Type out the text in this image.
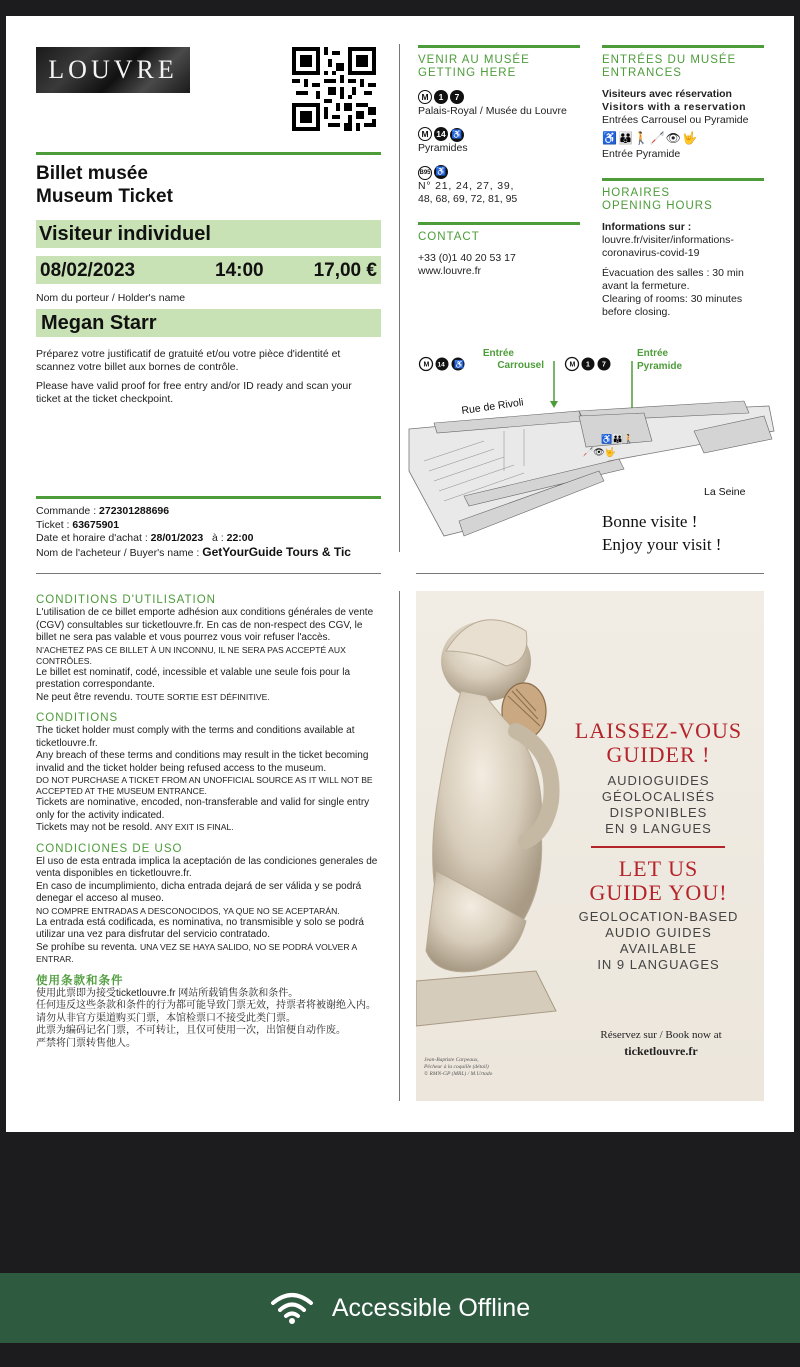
LOUVRE
Billet musée
Museum Ticket
Visiteur individuel
08/02/2023	14:00	17,00 €
Nom du porteur / Holder's name
Megan Starr
Préparez votre justificatif de gratuité et/ou votre pièce d'identité et scannez votre billet aux bornes de contrôle.
Please have valid proof for free entry and/or ID ready and scan your ticket at the ticket checkpoint.
Commande : 272301288696
Ticket : 63675901
Date et horaire d'achat : 28/01/2023 à : 22:00
Nom de l'acheteur / Buyer's name : GetYourGuide Tours & Tic
VENIR AU MUSÉE
GETTING HERE
M 1 7
Palais-Royal / Musée du Louvre
M 14 ♿
Pyramides
B95 ♿
N° 21, 24, 27, 39,
48, 68, 69, 72, 81, 95
CONTACT
+33 (0)1 40 20 53 17
www.louvre.fr
ENTRÉES DU MUSÉE
ENTRANCES
Visiteurs avec réservation
Visitors with a reservation
Entrées Carrousel ou Pyramide
♿👪🚶🦯👁🤟
Entrée Pyramide
HORAIRES
OPENING HOURS
Informations sur :
louvre.fr/visiter/informations-
coronavirus-covid-19
Évacuation des salles : 30 min avant la fermeture.
Clearing of rooms: 30 minutes before closing.
M 14 ♿	M 1 7
Entrée
Carrousel
Entrée
Pyramide
Rue de Rivoli
♿👪🚶
🦯👁🤟
La Seine
Bonne visite !
Enjoy your visit !
CONDITIONS D'UTILISATION
L'utilisation de ce billet emporte adhésion aux conditions générales de vente (CGV) consultables sur ticketlouvre.fr. En cas de non-respect des CGV, le billet ne sera pas valable et vous pourrez vous voir refuser l'accès.
N'ACHETEZ PAS CE BILLET À UN INCONNU, IL NE SERA PAS ACCEPTÉ AUX CONTRÔLES.
Le billet est nominatif, codé, incessible et valable une seule fois pour la prestation correspondante.
Ne peut être revendu. TOUTE SORTIE EST DÉFINITIVE.
CONDITIONS
The ticket holder must comply with the terms and conditions available at ticketlouvre.fr.
Any breach of these terms and conditions may result in the ticket becoming invalid and the ticket holder being refused access to the museum.
DO NOT PURCHASE A TICKET FROM AN UNOFFICIAL SOURCE AS IT WILL NOT BE ACCEPTED AT THE MUSEUM ENTRANCE.
Tickets are nominative, encoded, non-transferable and valid for single entry only for the activity indicated.
Tickets may not be resold. ANY EXIT IS FINAL.
CONDICIONES DE USO
El uso de esta entrada implica la aceptación de las condiciones generales de venta disponibles en ticketlouvre.fr.
En caso de incumplimiento, dicha entrada dejará de ser válida y se podrá denegar el acceso al museo.
NO COMPRE ENTRADAS A DESCONOCIDOS, YA QUE NO SE ACEPTARÁN.
La entrada está codificada, es nominativa, no transmisible y solo se podrá utilizar una vez para disfrutar del servicio contratado.
Se prohíbe su reventa. UNA VEZ SE HAYA SALIDO, NO SE PODRÁ VOLVER A ENTRAR.
使用条款和条件
使用此票即为接受ticketlouvre.fr 网站所载销售条款和条件。
任何违反这些条款和条件的行为都可能导致门票无效，持票者将被谢绝入内。请勿从非官方渠道购买门票，本馆检票口不接受此类门票。
此票为编码记名门票，不可转让，且仅可使用一次，出馆便自动作废。
严禁将门票转售他人。
LAISSEZ-VOUS
GUIDER !
AUDIOGUIDES
GÉOLOCALISÉS
DISPONIBLES
EN 9 LANGUES
LET US
GUIDE YOU!
GEOLOCATION-BASED
AUDIO GUIDES
AVAILABLE
IN 9 LANGUAGES
Réservez sur / Book now at
ticketlouvre.fr
Jean-Baptiste Carpeaux,
Pêcheur à la coquille (détail)
© RMN-GP (MRL) / M.Urtado
Accessible Offline
